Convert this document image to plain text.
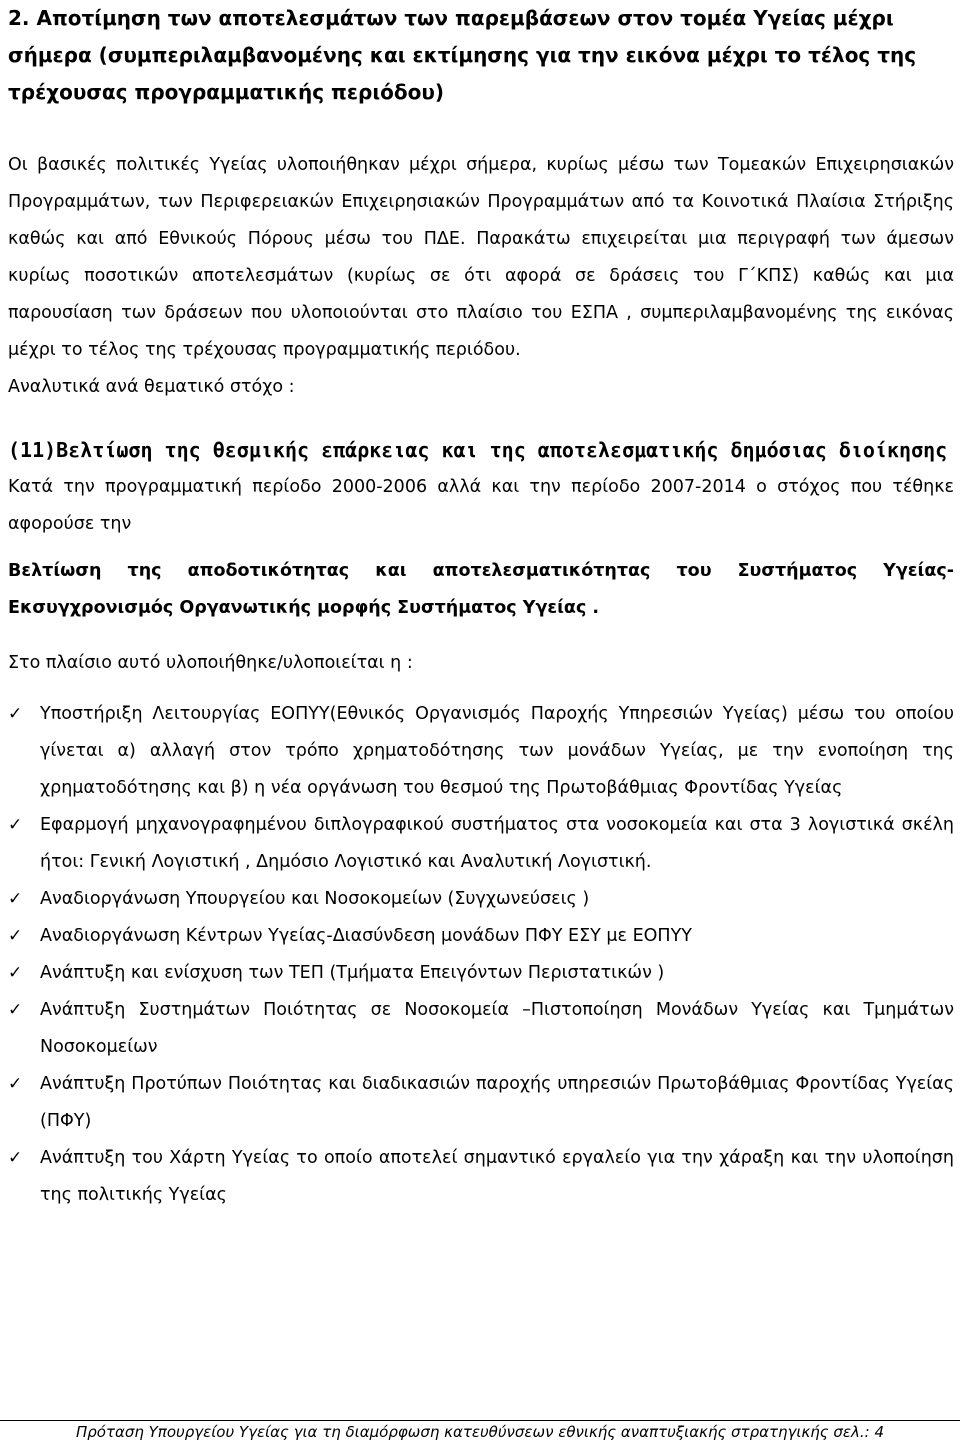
2. Αποτίμηση των αποτελεσμάτων των παρεμβάσεων στον τομέα Υγείας μέχρι σήμερα (συμπεριλαμβανομένης και εκτίμησης για την εικόνα μέχρι το τέλος της τρέχουσας προγραμματικής περιόδου)

Οι βασικές πολιτικές Υγείας υλοποιήθηκαν μέχρι σήμερα, κυρίως μέσω των Τομεακών Επιχειρησιακών Προγραμμάτων, των Περιφερειακών Επιχειρησιακών Προγραμμάτων από τα Κοινοτικά Πλαίσια Στήριξης καθώς και από Εθνικούς Πόρους μέσω του ΠΔΕ. Παρακάτω επιχειρείται μια περιγραφή των άμεσων κυρίως ποσοτικών αποτελεσμάτων (κυρίως σε ότι αφορά σε δράσεις του Γ΄ΚΠΣ) καθώς και μια παρουσίαση των δράσεων που υλοποιούνται στο πλαίσιο του ΕΣΠΑ , συμπεριλαμβανομένης της εικόνας μέχρι το τέλος της τρέχουσας προγραμματικής περιόδου.

Αναλυτικά ανά θεματικό στόχο :

(11)Βελτίωση της θεσμικής επάρκειας και της αποτελεσματικής δημόσιας διοίκησης

Κατά την προγραμματική περίοδο 2000-2006 αλλά και την περίοδο 2007-2014 ο στόχος που τέθηκε αφορούσε την

Βελτίωση της αποδοτικότητας και αποτελεσματικότητας του Συστήματος Υγείας-Εκσυγχρονισμός Οργανωτικής μορφής Συστήματος Υγείας .

Στο πλαίσιο αυτό υλοποιήθηκε/υλοποιείται η :

✓	Υποστήριξη Λειτουργίας ΕΟΠΥΥ(Εθνικός Οργανισμός Παροχής Υπηρεσιών Υγείας) μέσω του οποίου γίνεται α) αλλαγή στον τρόπο χρηματοδότησης των μονάδων Υγείας, με την ενοποίηση της χρηματοδότησης και β) η νέα οργάνωση του θεσμού της Πρωτοβάθμιας Φροντίδας Υγείας
✓	Εφαρμογή μηχανογραφημένου διπλογραφικού συστήματος στα νοσοκομεία και στα 3 λογιστικά σκέλη ήτοι: Γενική Λογιστική , Δημόσιο Λογιστικό και Αναλυτική Λογιστική.
✓	Αναδιοργάνωση Υπουργείου και Νοσοκομείων (Συγχωνεύσεις )
✓	Αναδιοργάνωση Κέντρων Υγείας-Διασύνδεση μονάδων ΠΦΥ ΕΣΥ με ΕΟΠΥΥ
✓	Ανάπτυξη και ενίσχυση των ΤΕΠ (Τμήματα Επειγόντων Περιστατικών )
✓	Ανάπτυξη Συστημάτων Ποιότητας σε Νοσοκομεία –Πιστοποίηση Μονάδων Υγείας και Τμημάτων Νοσοκομείων
✓	Ανάπτυξη Προτύπων Ποιότητας και διαδικασιών παροχής υπηρεσιών Πρωτοβάθμιας Φροντίδας Υγείας (ΠΦΥ)
✓	Ανάπτυξη του Χάρτη Υγείας το οποίο αποτελεί σημαντικό εργαλείο για την χάραξη και την υλοποίηση της πολιτικής Υγείας
Πρόταση Υπουργείου Υγείας για τη διαμόρφωση κατευθύνσεων εθνικής αναπτυξιακής στρατηγικής σελ.: 4
